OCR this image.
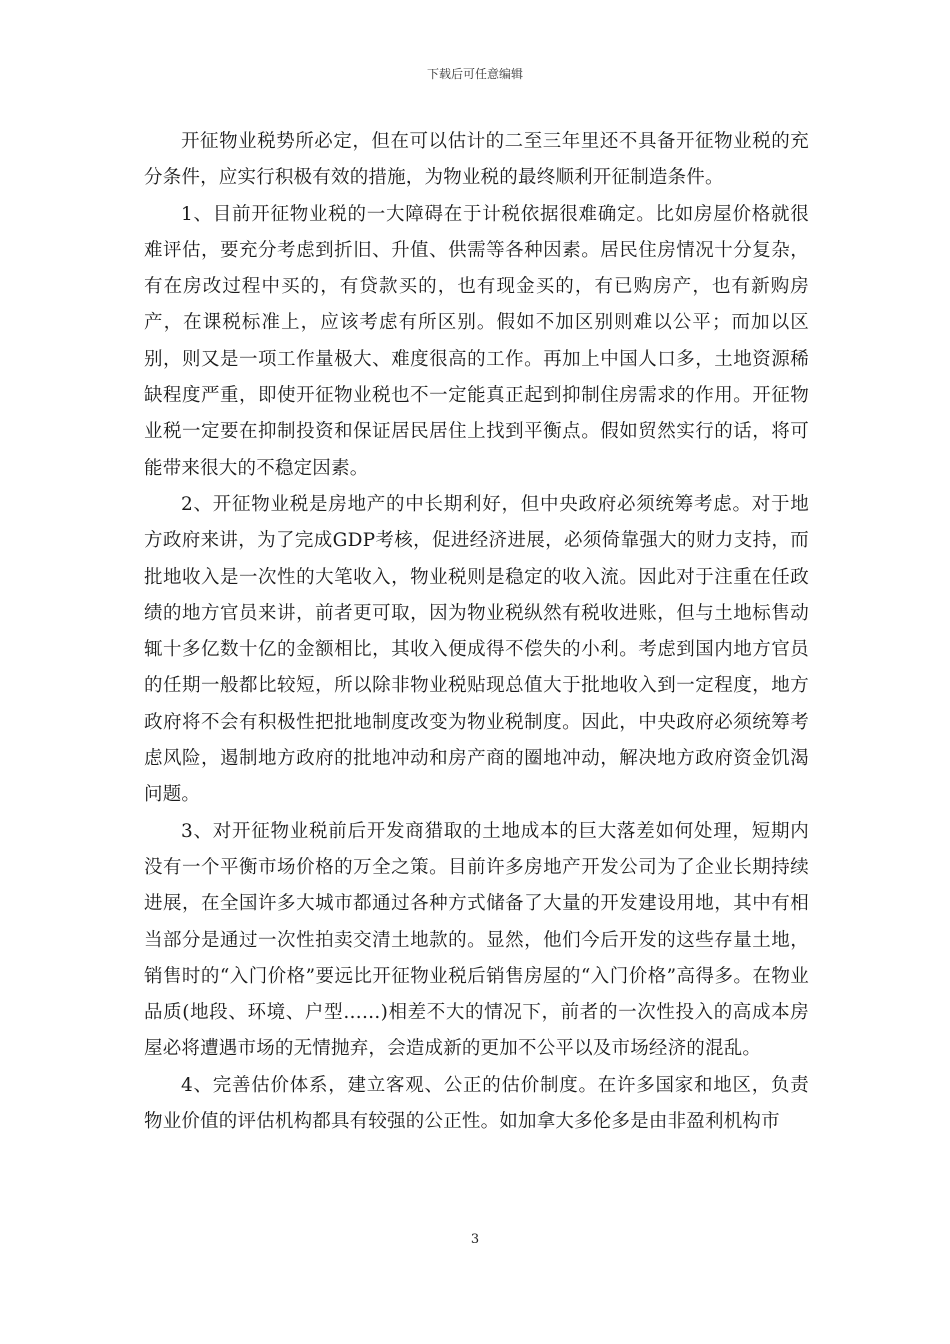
下载后可任意编辑

开征物业税势所必定，但在可以估计的二至三年里还不具备开征物业税的充分条件，应实行积极有效的措施，为物业税的最终顺利开征制造条件。

1、目前开征物业税的一大障碍在于计税依据很难确定。比如房屋价格就很难评估，要充分考虑到折旧、升值、供需等各种因素。居民住房情况十分复杂，有在房改过程中买的，有贷款买的，也有现金买的，有已购房产，也有新购房产，在课税标准上，应该考虑有所区别。假如不加区别则难以公平；而加以区别，则又是一项工作量极大、难度很高的工作。再加上中国人口多，土地资源稀缺程度严重，即使开征物业税也不一定能真正起到抑制住房需求的作用。开征物业税一定要在抑制投资和保证居民居住上找到平衡点。假如贸然实行的话，将可能带来很大的不稳定因素。

2、开征物业税是房地产的中长期利好，但中央政府必须统筹考虑。对于地方政府来讲，为了完成GDP考核，促进经济进展，必须倚靠强大的财力支持，而批地收入是一次性的大笔收入，物业税则是稳定的收入流。因此对于注重在任政绩的地方官员来讲，前者更可取，因为物业税纵然有税收进账，但与土地标售动辄十多亿数十亿的金额相比，其收入便成得不偿失的小利。考虑到国内地方官员的任期一般都比较短，所以除非物业税贴现总值大于批地收入到一定程度，地方政府将不会有积极性把批地制度改变为物业税制度。因此，中央政府必须统筹考虑风险，遏制地方政府的批地冲动和房产商的圈地冲动，解决地方政府资金饥渴问题。

3、对开征物业税前后开发商猎取的土地成本的巨大落差如何处理，短期内没有一个平衡市场价格的万全之策。目前许多房地产开发公司为了企业长期持续进展，在全国许多大城市都通过各种方式储备了大量的开发建设用地，其中有相当部分是通过一次性拍卖交清土地款的。显然，他们今后开发的这些存量土地，销售时的“入门价格”要远比开征物业税后销售房屋的“入门价格”高得多。在物业品质(地段、环境、户型……)相差不大的情况下，前者的一次性投入的高成本房屋必将遭遇市场的无情抛弃，会造成新的更加不公平以及市场经济的混乱。

4、完善估价体系，建立客观、公正的估价制度。在许多国家和地区，负责物业价值的评估机构都具有较强的公正性。如加拿大多伦多是由非盈利机构市

3
